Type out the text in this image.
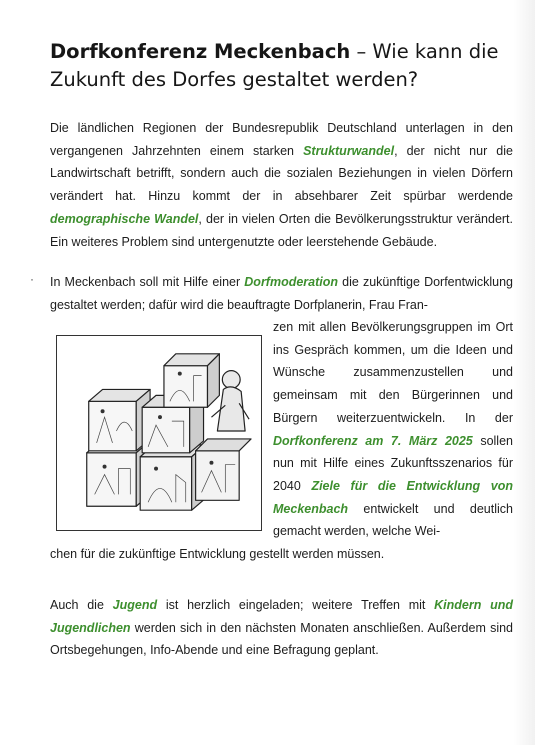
Dorfkonferenz Meckenbach – Wie kann die Zukunft des Dorfes gestaltet werden?

Die ländlichen Regionen der Bundesrepublik Deutschland unterlagen in den vergangenen Jahrzehnten einem starken Strukturwandel, der nicht nur die Landwirtschaft betrifft, sondern auch die sozialen Beziehungen in vielen Dörfern verändert hat. Hinzu kommt der in absehbarer Zeit spürbar werdende demographische Wandel, der in vielen Orten die Bevölkerungsstruktur verändert. Ein weiteres Problem sind untergenutzte oder leerstehende Gebäude.

· In Meckenbach soll mit Hilfe einer Dorfmoderation die zukünftige Dorfentwicklung gestaltet werden; dafür wird die beauftragte Dorfplanerin, Frau Fran-

zen mit allen Bevölkerungsgruppen im Ort ins Gespräch kommen, um die Ideen und Wünsche zusammenzustellen und gemeinsam mit den Bürgerinnen und Bürgern weiterzuentwickeln. In der Dorfkonferenz am 7. März 2025 sollen nun mit Hilfe eines Zukunftsszenarios für 2040 Ziele für die Entwicklung von Meckenbach entwickelt und deutlich gemacht werden, welche Wei-

chen für die zukünftige Entwicklung gestellt werden müssen.

Auch die Jugend ist herzlich eingeladen; weitere Treffen mit Kindern und Jugendlichen werden sich in den nächsten Monaten anschließen. Außerdem sind Ortsbegehungen, Info-Abende und eine Befragung geplant.
